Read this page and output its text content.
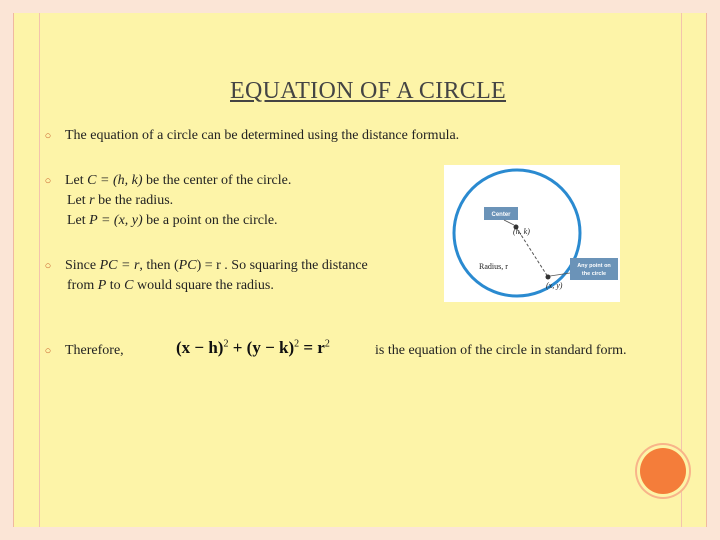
EQUATION OF A CIRCLE
○ The equation of a circle can be determined using the distance formula.
○ Let C = (h, k) be the center of the circle.
Let r be the radius.
Let P = (x, y) be a point on the circle.
○ Since PC = r, then (PC) = r . So squaring the distance
from P to C would square the radius.
○ Therefore,	$(x - h)^2 + (y - k)^2 = r^2$	is the equation of the circle in standard form.
Center
(h, k)
Radius, r	Any point on
the circle
(x, y)
